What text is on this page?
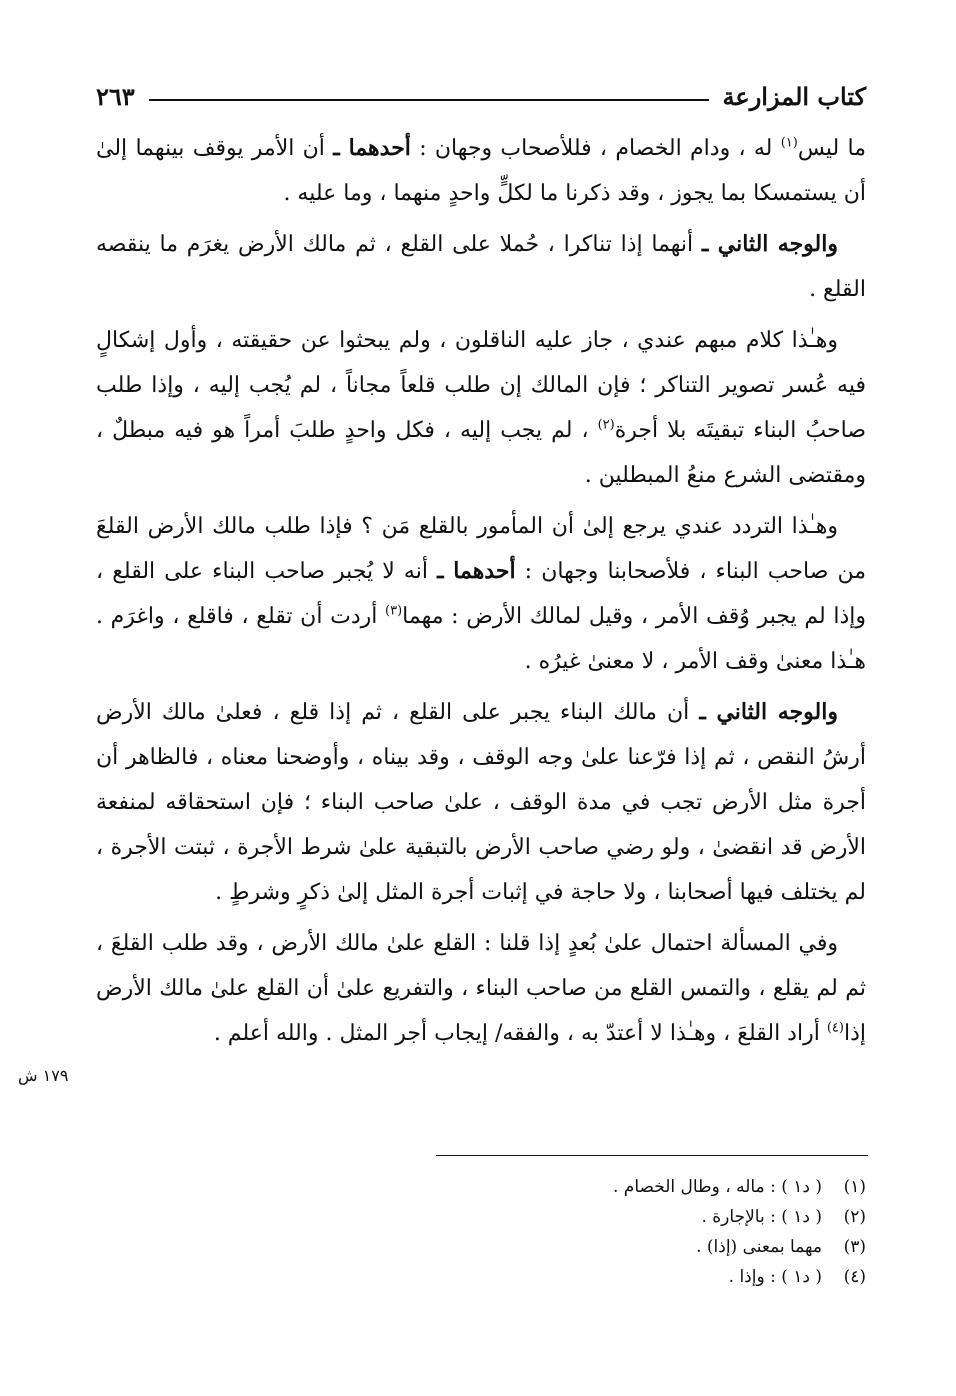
كتاب المزارعة
٢٦٣

ما ليس$^{(١)}$ له ، ودام الخصام ، فللأصحاب وجهان : أحدهما ـ أن الأمر يوقف بينهما إلىٰ أن يستمسكا بما يجوز ، وقد ذكرنا ما لكلٍّ واحدٍ منهما ، وما عليه .

والوجه الثاني ـ أنهما إذا تناكرا ، حُملا على القلع ، ثم مالك الأرض يغرَم ما ينقصه القلع .

وهـٰذا كلام مبهم عندي ، جاز عليه الناقلون ، ولم يبحثوا عن حقيقته ، وأول إشكالٍ فيه عُسر تصوير التناكر ؛ فإن المالك إن طلب قلعاً مجاناً ، لم يُجب إليه ، وإذا طلب صاحبُ البناء تبقيتَه بلا أجرة$^{(٢)}$ ، لم يجب إليه ، فكل واحدٍ طلبَ أمراً هو فيه مبطلٌ ، ومقتضى الشرع منعُ المبطلين .

وهـٰذا التردد عندي يرجع إلىٰ أن المأمور بالقلع مَن ؟ فإذا طلب مالك الأرض القلعَ من صاحب البناء ، فلأصحابنا وجهان : أحدهما ـ أنه لا يُجبر صاحب البناء على القلع ، وإذا لم يجبر وُقف الأمر ، وقيل لمالك الأرض : مهما$^{(٣)}$ أردت أن تقلع ، فاقلع ، واغرَم . هـٰذا معنىٰ وقف الأمر ، لا معنىٰ غيرُه .

والوجه الثاني ـ أن مالك البناء يجبر على القلع ، ثم إذا قلع ، فعلىٰ مالك الأرض أرشُ النقص ، ثم إذا فرّعنا علىٰ وجه الوقف ، وقد بيناه ، وأوضحنا معناه ، فالظاهر أن أجرة مثل الأرض تجب في مدة الوقف ، علىٰ صاحب البناء ؛ فإن استحقاقه لمنفعة الأرض قد انقضىٰ ، ولو رضي صاحب الأرض بالتبقية علىٰ شرط الأجرة ، ثبتت الأجرة ، لم يختلف فيها أصحابنا ، ولا حاجة في إثبات أجرة المثل إلىٰ ذكرٍ وشرطٍ .

وفي المسألة احتمال علىٰ بُعدٍ إذا قلنا : القلع علىٰ مالك الأرض ، وقد طلب القلعَ ، ثم لم يقلع ، والتمس القلع من صاحب البناء ، والتفريع علىٰ أن القلع علىٰ مالك الأرض إذا$^{(٤)}$ أراد القلعَ ، وهـٰذا لا أعتدّ به ، والفقه/ إيجاب أجر المثل . والله أعلم .

١٧٩ ش
(١)
( د١ ) : ماله ، وطال الخصام .
(٢)
( د١ ) : بالإجارة .
(٣)
مهما بمعنى (إذا) .
(٤)
( د١ ) : وإذا .
